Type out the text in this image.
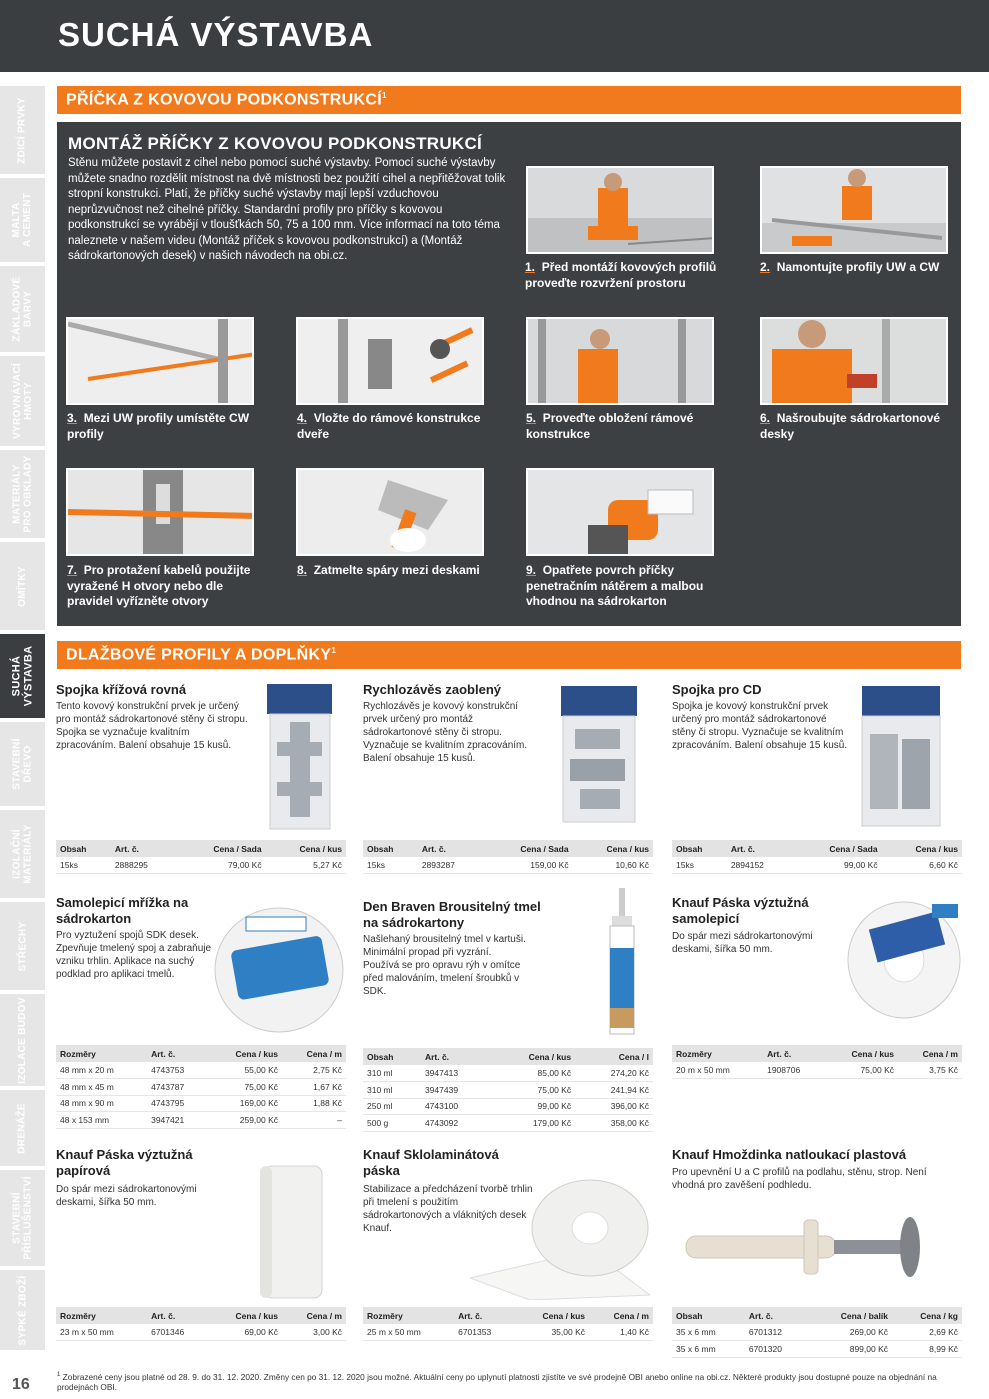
SUCHÁ VÝSTAVBA
ZDICÍ PRVKY
MALTA
A CEMENT
ZÁKLADOVÉ
BARVY
VYROVNÁVACÍ
HMOTY
MATERIÁLY
PRO OBKLADY
OMÍTKY
SUCHÁ
VÝSTAVBA
STAVEBNÍ
DŘEVO
IZOLAČNÍ
MATERIÁLY
STŘECHY
IZOLACE BUDOV
DRENÁŽE
STAVEBNÍ
PŘÍSLUŠENSTVÍ
SYPKÉ ZBOŽÍ
16
PŘÍČKA Z KOVOVOU PODKONSTRUKCÍ$^1$
MONTÁŽ PŘÍČKY Z KOVOVOU PODKONSTRUKCÍ

Stěnu můžete postavit z cihel nebo pomocí suché výstavby. Pomocí suché výstavby můžete snadno rozdělit místnost na dvě místnosti bez použití cihel a nepřitěžovat tolik stropní konstrukci. Platí, že příčky suché výstavby mají lepší vzduchovou neprůzvučnost než cihelné příčky. Standardní profily pro příčky s kovovou podkonstrukcí se vyrábějí v tloušťkách 50, 75 a 100 mm. Více informací na toto téma naleznete v našem videu (Montáž příček s kovovou podkonstrukcí) a (Montáž sádrokartonových desek) v našich návodech na obi.cz.

1. Před montáží kovových profilů proveďte rozvržení prostoru
2. Namontujte profily UW a CW
3. Mezi UW profily umístěte CW profily
4. Vložte do rámové konstrukce dveře
5. Proveďte obložení rámové konstrukce
6. Našroubujte sádrokartonové desky
7. Pro protažení kabelů použijte vyražené H otvory nebo dle pravidel vyřízněte otvory
8. Zatmelte spáry mezi deskami	9. Opatřete povrch příčky penetračním nátěrem a malbou vhodnou na sádrokarton
DLAŽBOVÉ PROFILY A DOPLŇKY$^1$
Spojka křížová rovná
Tento kovový konstrukční prvek je určený pro montáž sádrokartonové stěny či stropu. Spojka se vyznačuje kvalitním zpracováním. Balení obsahuje 15 kusů.
Obsah	Art. č.	Cena / Sada	Cena / kus
15ks	2888295	79,00 Kč	5,27 Kč
Rychlozávěs zaoblený
Rychlozávěs je kovový konstrukční prvek určený pro montáž sádrokartonové stěny či stropu. Vyznačuje se kvalitním zpracováním. Balení obsahuje 15 kusů.
Obsah	Art. č.	Cena / Sada	Cena / kus
15ks	2893287	159,00 Kč	10,60 Kč
Spojka pro CD
Spojka je kovový konstrukční prvek určený pro montáž sádrokartonové stěny či stropu. Vyznačuje se kvalitním zpracováním. Balení obsahuje 15 kusů.
Obsah	Art. č.	Cena / Sada	Cena / kus
15ks	2894152	99,00 Kč	6,60 Kč
Samolepicí mřížka na sádrokarton
Pro vyztužení spojů SDK desek. Zpevňuje tmelený spoj a zabraňuje vzniku trhlin. Aplikace na suchý podklad pro aplikaci tmelů.
Rozměry	Art. č.	Cena / kus	Cena / m
48 mm x 20 m	4743753	55,00 Kč	2,75 Kč
48 mm x 45 m	4743787	75,00 Kč	1,67 Kč
48 mm x 90 m	4743795	169,00 Kč	1,88 Kč
48 x 153 mm	3947421	259,00 Kč	–
Den Braven Brousitelný tmel na sádrokartony
Našlehaný brousitelný tmel v kartuši. Minimální propad při vyzrání. Používá se pro opravu rýh v omítce před malováním, tmelení šroubků v SDK.
Obsah	Art. č.	Cena / kus	Cena / l
310 ml	3947413	85,00 Kč	274,20 Kč
310 ml	3947439	75,00 Kč	241,94 Kč
250 ml	4743100	99,00 Kč	396,00 Kč
500 g	4743092	179,00 Kč	358,00 Kč
Knauf Páska výztužná samolepicí
Do spár mezi sádrokartonovými deskami, šířka 50 mm.
Rozměry	Art. č.	Cena / kus	Cena / m
20 m x 50 mm	1908706	75,00 Kč	3,75 Kč
Knauf Páska výztužná papírová
Do spár mezi sádrokartonovými deskami, šířka 50 mm.
Rozměry	Art. č.	Cena / kus	Cena / m
23 m x 50 mm	6701346	69,00 Kč	3,00 Kč
Knauf Sklolaminátová páska
Stabilizace a předcházení tvorbě trhlin při tmelení s použitím sádrokartonových a vláknitých desek Knauf.
Rozměry	Art. č.	Cena / kus	Cena / m
25 m x 50 mm	6701353	35,00 Kč	1,40 Kč
Knauf Hmoždinka natloukací plastová
Pro upevnění U a C profilů na podlahu, stěnu, strop. Není vhodná pro zavěšení podhledu.
Obsah	Art. č.	Cena / balík	Cena / kg
35 x 6 mm	6701312	269,00 Kč	2,69 Kč
35 x 6 mm	6701320	899,00 Kč	8,99 Kč
$^1$ Zobrazené ceny jsou platné od 28. 9. do 31. 12. 2020. Změny cen po 31. 12. 2020 jsou možné. Aktuální ceny po uplynutí platnosti zjistíte ve své prodejně OBI anebo online na obi.cz. Některé produkty jsou dostupné pouze na objednání na prodejnách OBI.
